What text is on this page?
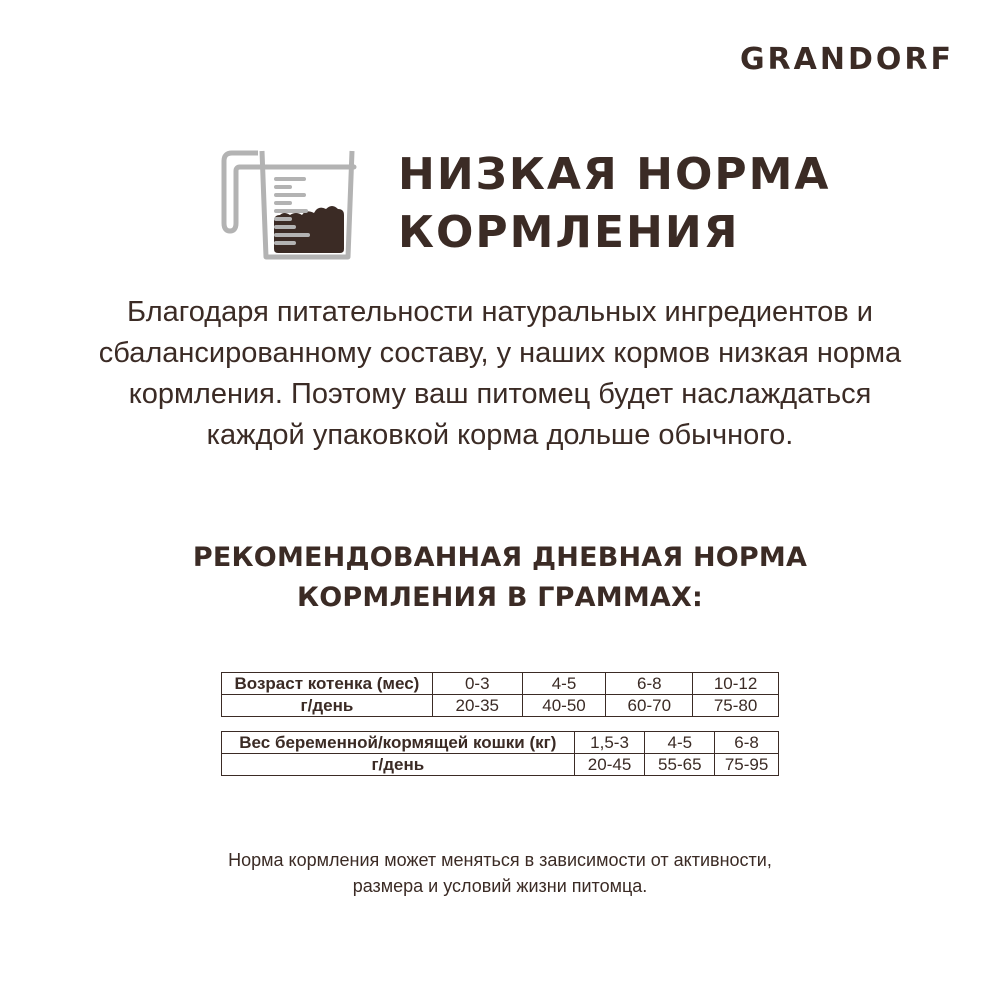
GRANDORF
НИЗКАЯ НОРМА
КОРМЛЕНИЯ
Благодаря питательности натуральных ингредиентов и
сбалансированному составу, у наших кормов низкая норма
кормления. Поэтому ваш питомец будет наслаждаться
каждой упаковкой корма дольше обычного.
РЕКОМЕНДОВАННАЯ ДНЕВНАЯ НОРМА
КОРМЛЕНИЯ В ГРАММАХ:
Возраст котенка (мес)	0-3	4-5	6-8	10-12
г/день	20-35	40-50	60-70	75-80
Вес беременной/кормящей кошки (кг)	1,5-3	4-5	6-8
г/день	20-45	55-65	75-95
Норма кормления может меняться в зависимости от активности,
размера и условий жизни питомца.
